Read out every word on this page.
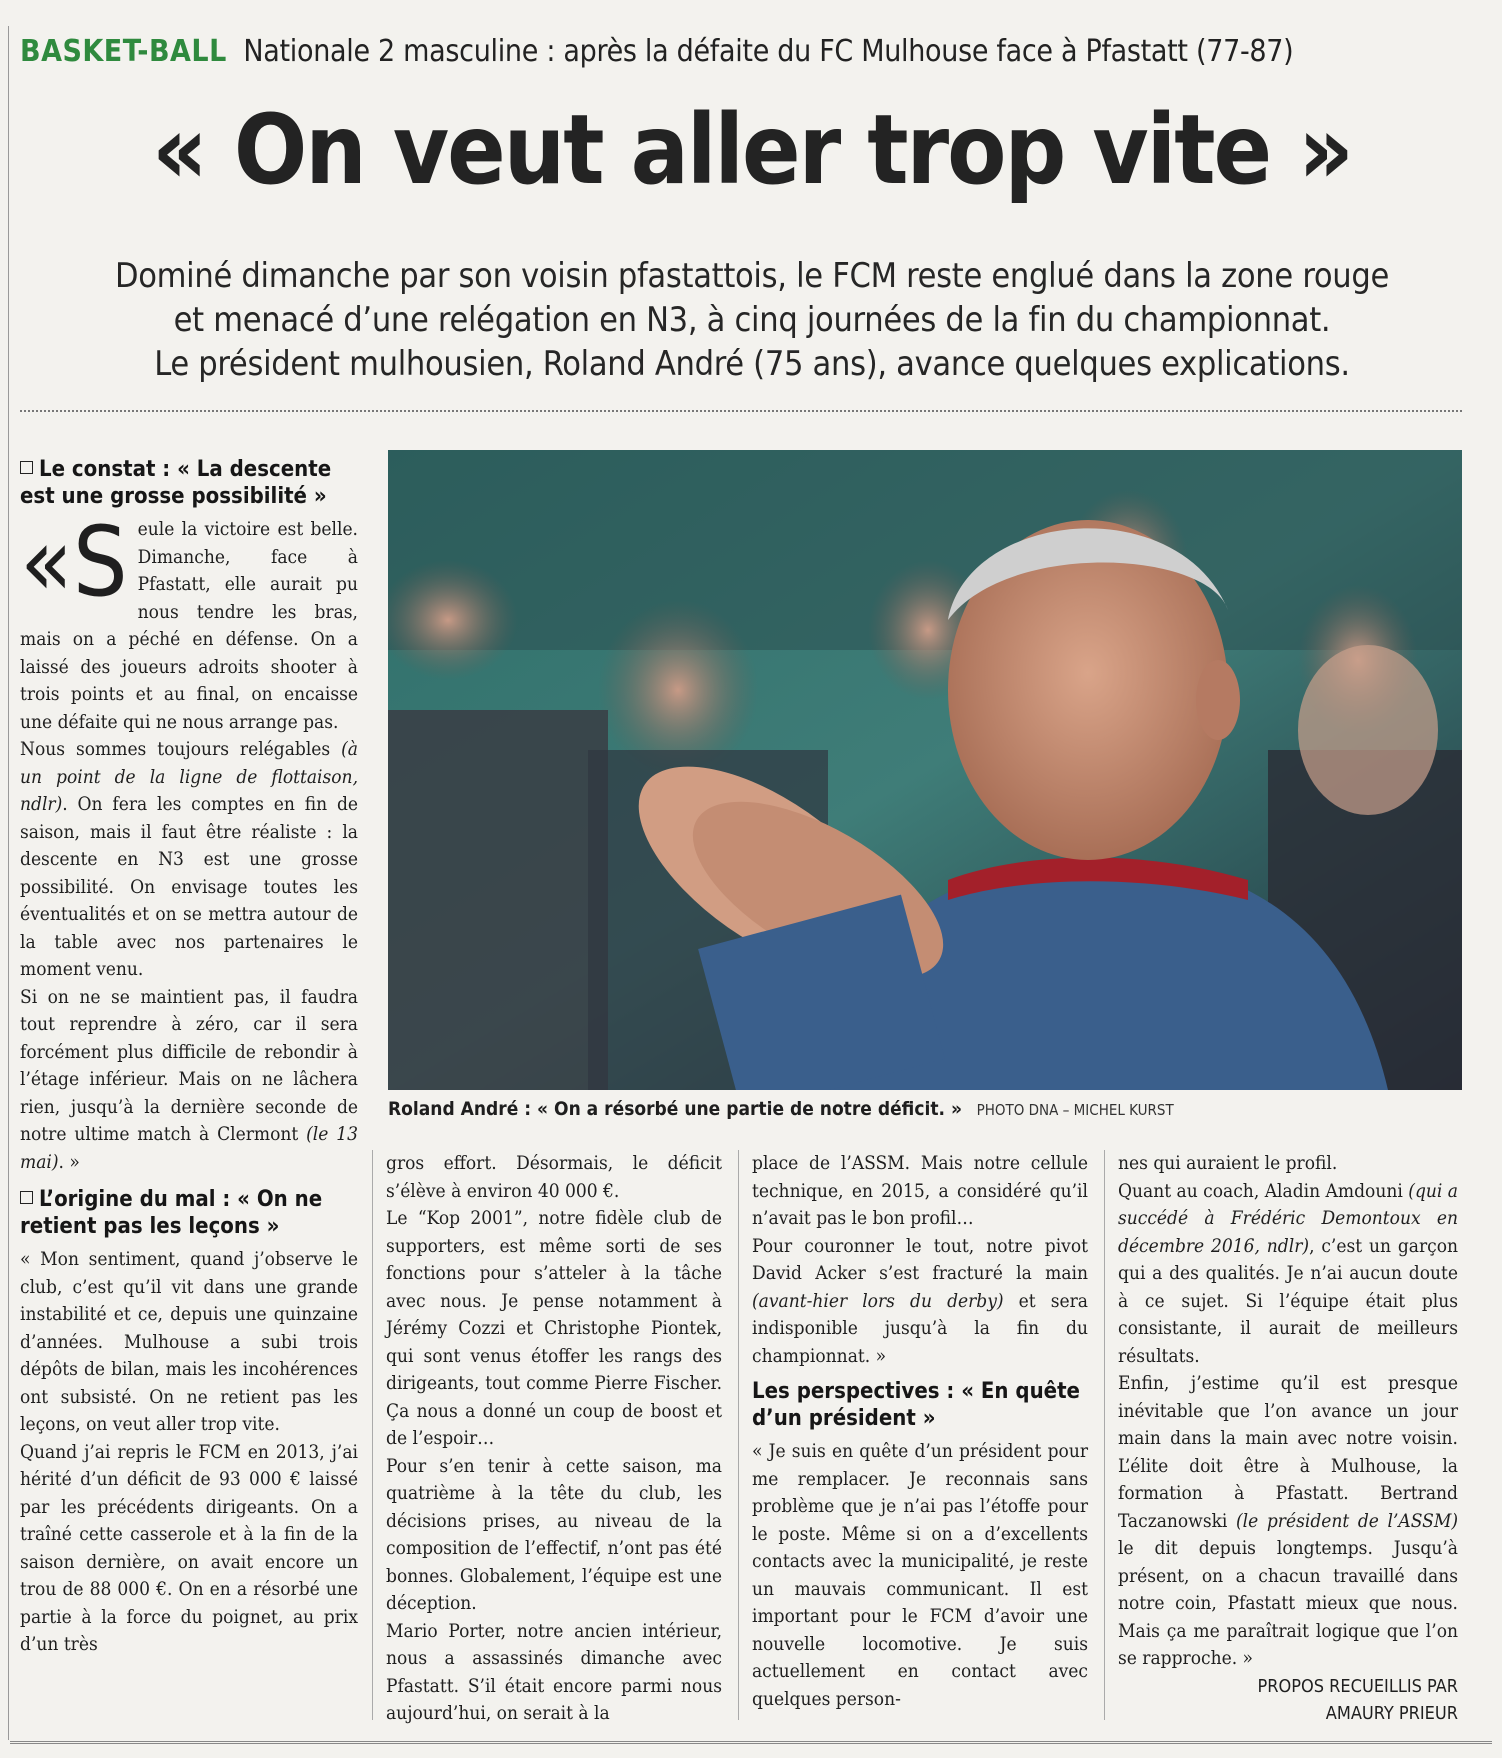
BASKET-BALL Nationale 2 masculine : après la défaite du FC Mulhouse face à Pfastatt (77-87)
« On veut aller trop vite »
Dominé dimanche par son voisin pfastattois, le FCM reste englué dans la zone rouge
et menacé d’une relégation en N3, à cinq journées de la fin du championnat.
Le président mulhousien, Roland André (75 ans), avance quelques explications.
Roland André : « On a résorbé une partie de notre déficit. » PHOTO DNA – MICHEL KURST
Le constat : « La descente est une grosse possibilité »
«S eule la victoire est belle. Dimanche, face à Pfastatt, elle aurait pu nous tendre les bras, mais on a péché en défense. On a laissé des joueurs adroits shooter à trois points et au final, on encaisse une défaite qui ne nous arrange pas.

Nous sommes toujours relégables (à un point de la ligne de flottaison, ndlr). On fera les comptes en fin de saison, mais il faut être réaliste : la descente en N3 est une grosse possibilité. On envisage toutes les éventualités et on se mettra autour de la table avec nos partenaires le moment venu.

Si on ne se maintient pas, il faudra tout reprendre à zéro, car il sera forcément plus difficile de rebondir à l’étage inférieur. Mais on ne lâchera rien, jusqu’à la dernière seconde de notre ultime match à Clermont (le 13 mai). »

L’origine du mal : « On ne retient pas les leçons »

« Mon sentiment, quand j’observe le club, c’est qu’il vit dans une grande instabilité et ce, depuis une quinzaine d’années. Mulhouse a subi trois dépôts de bilan, mais les incohérences ont subsisté. On ne retient pas les leçons, on veut aller trop vite.

Quand j’ai repris le FCM en 2013, j’ai hérité d’un déficit de 93 000 € laissé par les précédents dirigeants. On a traîné cette casserole et à la fin de la saison dernière, on avait encore un trou de 88 000 €. On en a résorbé une partie à la force du poignet, au prix d’un très

gros effort. Désormais, le déficit s’élève à environ 40 000 €.

Le “Kop 2001”, notre fidèle club de supporters, est même sorti de ses fonctions pour s’atteler à la tâche avec nous. Je pense notamment à Jérémy Cozzi et Christophe Piontek, qui sont venus étoffer les rangs des dirigeants, tout comme Pierre Fischer. Ça nous a donné un coup de boost et de l’espoir…

Pour s’en tenir à cette saison, ma quatrième à la tête du club, les décisions prises, au niveau de la composition de l’effectif, n’ont pas été bonnes. Globalement, l’équipe est une déception.

Mario Porter, notre ancien intérieur, nous a assassinés dimanche avec Pfastatt. S’il était encore parmi nous aujourd’hui, on serait à la

place de l’ASSM. Mais notre cellule technique, en 2015, a considéré qu’il n’avait pas le bon profil…

Pour couronner le tout, notre pivot David Acker s’est fracturé la main (avant-hier lors du derby) et sera indisponible jusqu’à la fin du championnat. »

Les perspectives : « En quête d’un président »

« Je suis en quête d’un président pour me remplacer. Je reconnais sans problème que je n’ai pas l’étoffe pour le poste. Même si on a d’excellents contacts avec la municipalité, je reste un mauvais communicant. Il est important pour le FCM d’avoir une nouvelle locomotive. Je suis actuellement en contact avec quelques person-

nes qui auraient le profil.

Quant au coach, Aladin Amdouni (qui a succédé à Frédéric Demontoux en décembre 2016, ndlr), c’est un garçon qui a des qualités. Je n’ai aucun doute à ce sujet. Si l’équipe était plus consistante, il aurait de meilleurs résultats.

Enfin, j’estime qu’il est presque inévitable que l’on avance un jour main dans la main avec notre voisin. L’élite doit être à Mulhouse, la formation à Pfastatt. Bertrand Taczanowski (le président de l’ASSM) le dit depuis longtemps. Jusqu’à présent, on a chacun travaillé dans notre coin, Pfastatt mieux que nous. Mais ça me paraîtrait logique que l’on se rapproche. »

PROPOS RECUEILLIS PAR
AMAURY PRIEUR
